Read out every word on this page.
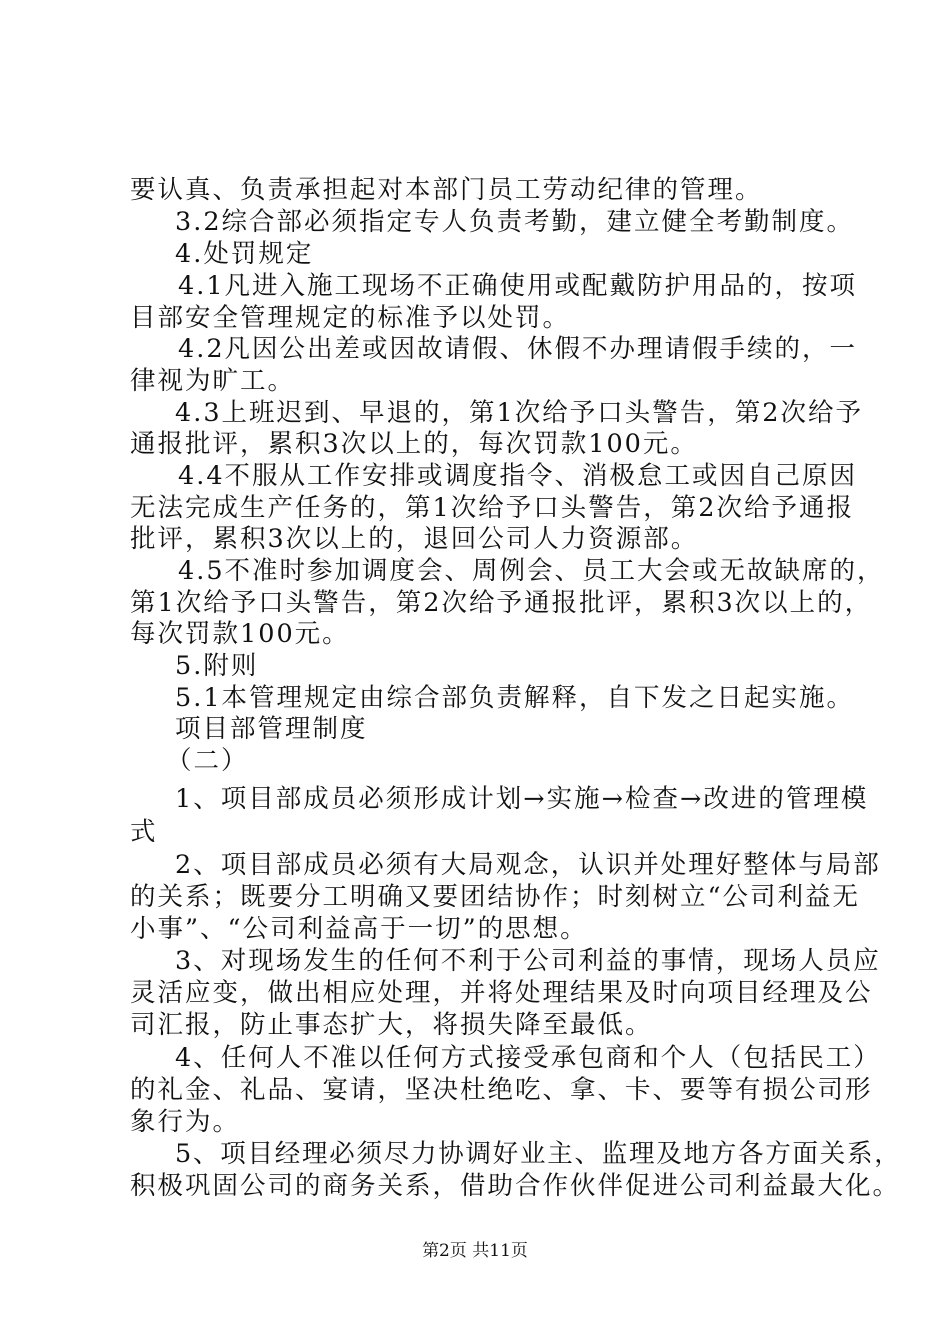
要认真、负责承担起对本部门员工劳动纪律的管理。
3.2综合部必须指定专人负责考勤，建立健全考勤制度。
4.处罚规定
4.1凡进入施工现场不正确使用或配戴防护用品的，按项
目部安全管理规定的标准予以处罚。
4.2凡因公出差或因故请假、休假不办理请假手续的，一
律视为旷工。
4.3上班迟到、早退的，第1次给予口头警告，第2次给予
通报批评，累积3次以上的，每次罚款100元。
4.4不服从工作安排或调度指令、消极怠工或因自己原因
无法完成生产任务的，第1次给予口头警告，第2次给予通报
批评，累积3次以上的，退回公司人力资源部。
4.5不准时参加调度会、周例会、员工大会或无故缺席的，
第1次给予口头警告，第2次给予通报批评，累积3次以上的，
每次罚款100元。
5.附则
5.1本管理规定由综合部负责解释，自下发之日起实施。
项目部管理制度
（二）
1、项目部成员必须形成计划→实施→检查→改进的管理模
式
2、项目部成员必须有大局观念，认识并处理好整体与局部
的关系；既要分工明确又要团结协作；时刻树立“公司利益无
小事”、“公司利益高于一切”的思想。
3、对现场发生的任何不利于公司利益的事情，现场人员应
灵活应变，做出相应处理，并将处理结果及时向项目经理及公
司汇报，防止事态扩大，将损失降至最低。
4、任何人不准以任何方式接受承包商和个人（包括民工）
的礼金、礼品、宴请，坚决杜绝吃、拿、卡、要等有损公司形
象行为。
5、项目经理必须尽力协调好业主、监理及地方各方面关系，
积极巩固公司的商务关系，借助合作伙伴促进公司利益最大化。
第2页 共11页
